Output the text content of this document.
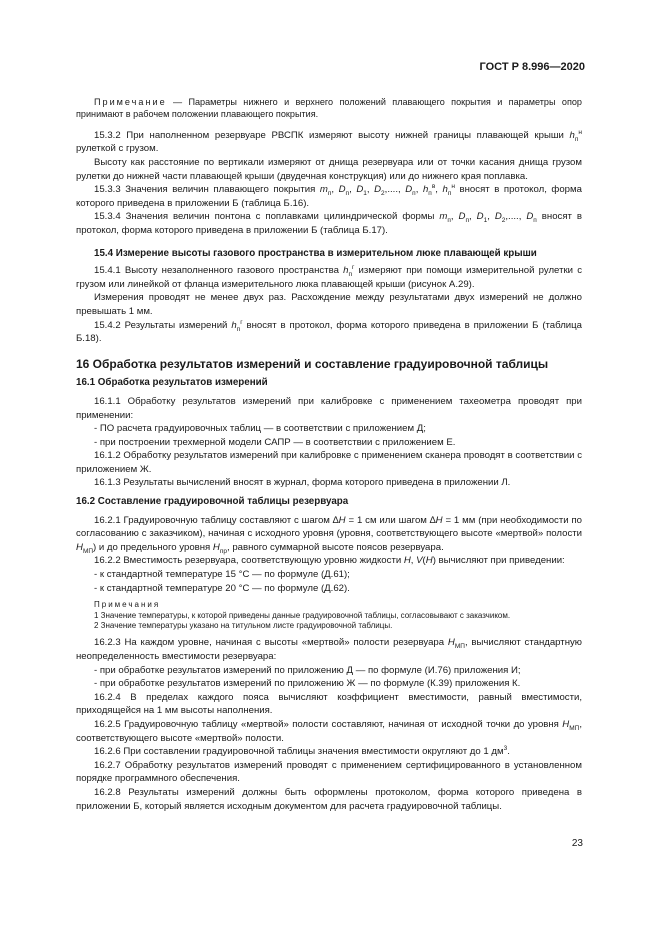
ГОСТ Р 8.996—2020

Примечание — Параметры нижнего и верхнего положений плавающего покрытия и параметры опор принимают в рабочем положении плавающего покрытия.

15.3.2 При наполненном резервуаре РВСПК измеряют высоту нижней границы плавающей крыши $h_п^н$ рулеткой с грузом.

Высоту как расстояние по вертикали измеряют от днища резервуара или от точки касания днища грузом рулетки до нижней части плавающей крыши (двудечная конструкция) или до нижнего края поплавка.

15.3.3 Значения величин плавающего покрытия $m_п$, $D_п$, $D_1$, $D_2$,...., $D_п$, $h_п^в$, $h_п^н$ вносят в протокол, форма которого приведена в приложении Б (таблица Б.16).

15.3.4 Значения величин понтона с поплавками цилиндрической формы $m_п$, $D_п$, $D_1$, $D_2$,...., $D_п$ вносят в протокол, форма которого приведена в приложении Б (таблица Б.17).

15.4 Измерение высоты газового пространства в измерительном люке плавающей крыши

15.4.1 Высоту незаполненного газового пространства $h_п^г$ измеряют при помощи измерительной рулетки с грузом или линейкой от фланца измерительного люка плавающей крыши (рисунок А.29).

Измерения проводят не менее двух раз. Расхождение между результатами двух измерений не должно превышать 1 мм.

15.4.2 Результаты измерений $h_п^г$ вносят в протокол, форма которого приведена в приложении Б (таблица Б.18).

16 Обработка результатов измерений и составление градуировочной таблицы
16.1 Обработка результатов измерений

16.1.1 Обработку результатов измерений при калибровке с применением тахеометра проводят при применении:

- ПО расчета градуировочных таблиц — в соответствии с приложением Д;

- при построении трехмерной модели САПР — в соответствии с приложением Е.

16.1.2 Обработку результатов измерений при калибровке с применением сканера проводят в соответствии с приложением Ж.

16.1.3 Результаты вычислений вносят в журнал, форма которого приведена в приложении Л.

16.2 Составление градуировочной таблицы резервуара

16.2.1 Градуировочную таблицу составляют с шагом ∆Н = 1 см или шагом ∆Н = 1 мм (при необходимости по согласованию с заказчиком), начиная с исходного уровня (уровня, соответствующего высоте «мертвой» полости $Н_{МП}$) и до предельного уровня $Н_{пр}$, равного суммарной высоте поясов резервуара.

16.2.2 Вместимость резервуара, соответствующую уровню жидкости Н, V(Н) вычисляют при приведении:

- к стандартной температуре 15 °С — по формуле (Д.61);

- к стандартной температуре 20 °С — по формуле (Д.62).

Примечания

1 Значение температуры, к которой приведены данные градуировочной таблицы, согласовывают с заказчиком.

2 Значение температуры указано на титульном листе градуировочной таблицы.

16.2.3 На каждом уровне, начиная с высоты «мертвой» полости резервуара $Н_{МП}$, вычисляют стандартную неопределенность вместимости резервуара:

- при обработке результатов измерений по приложению Д — по формуле (И.76) приложения И;

- при обработке результатов измерений по приложению Ж — по формуле (К.39) приложения К.

16.2.4 В пределах каждого пояса вычисляют коэффициент вместимости, равный вместимости, приходящейся на 1 мм высоты наполнения.

16.2.5 Градуировочную таблицу «мертвой» полости составляют, начиная от исходной точки до уровня $Н_{МП}$, соответствующего высоте «мертвой» полости.

16.2.6 При составлении градуировочной таблицы значения вместимости округляют до 1 $дм^3$.

16.2.7 Обработку результатов измерений проводят с применением сертифицированного в установленном порядке программного обеспечения.

16.2.8 Результаты измерений должны быть оформлены протоколом, форма которого приведена в приложении Б, который является исходным документом для расчета градуировочной таблицы.

23
